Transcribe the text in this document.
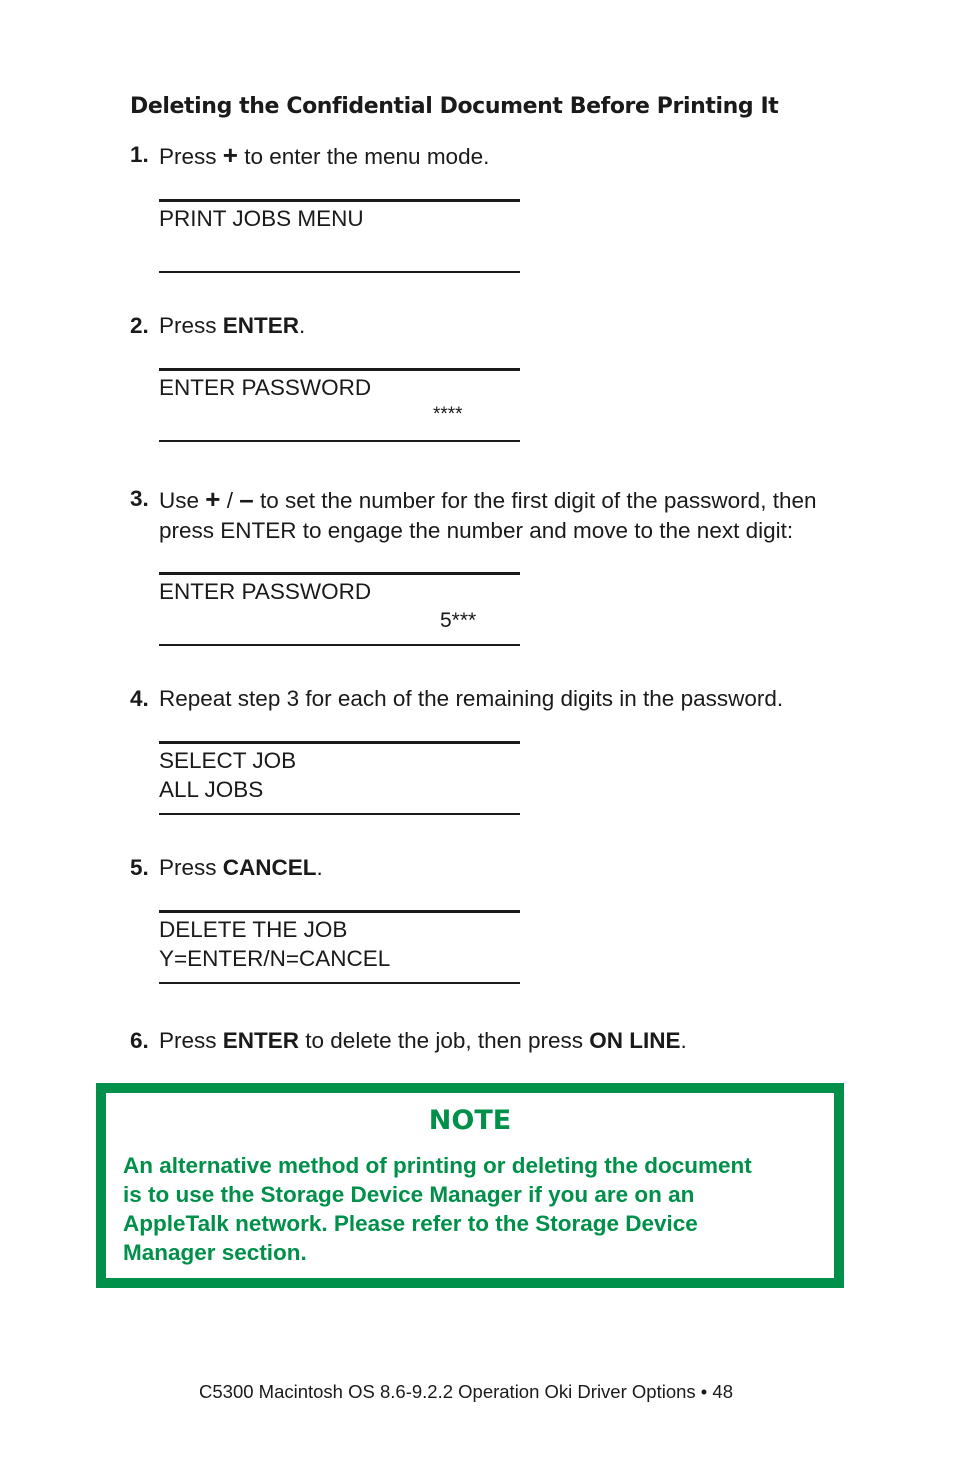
Deleting the Confidential Document Before Printing It
1. Press + to enter the menu mode.
PRINT JOBS MENU
2. Press ENTER.
ENTER PASSWORD
****
3. Use + / – to set the number for the first digit of the password, then
press ENTER to engage the number and move to the next digit:
ENTER PASSWORD
5***
4. Repeat step 3 for each of the remaining digits in the password.
SELECT JOB
ALL JOBS
5. Press CANCEL.
DELETE THE JOB
Y=ENTER/N=CANCEL
6. Press ENTER to delete the job, then press ON LINE.
NOTE
An alternative method of printing or deleting the document
is to use the Storage Device Manager if you are on an
AppleTalk network. Please refer to the Storage Device
Manager section.
C5300 Macintosh OS 8.6-9.2.2 Operation Oki Driver Options • 48
